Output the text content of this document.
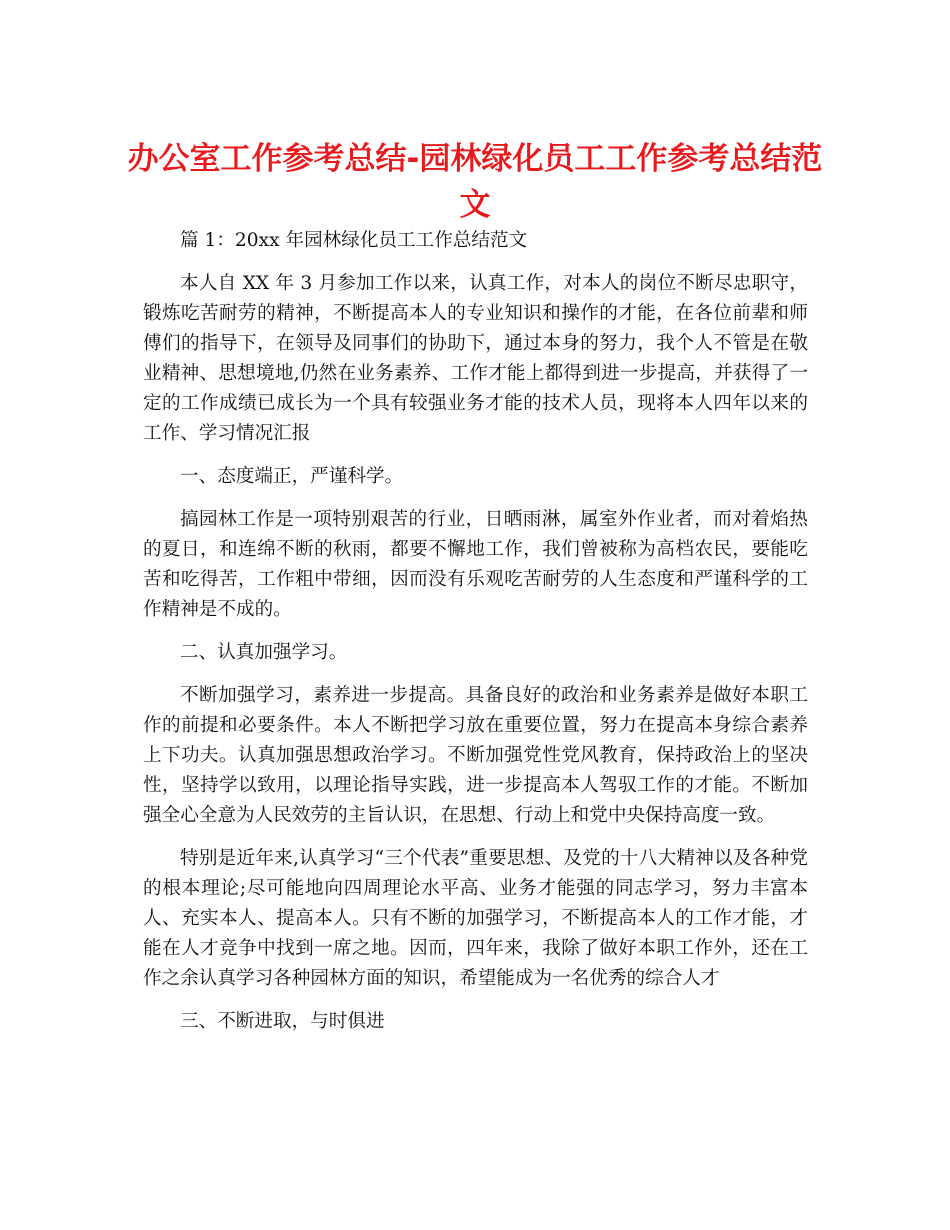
办公室工作参考总结-园林绿化员工工作参考总结范文

篇 1：20xx 年园林绿化员工工作总结范文

本人自 XX 年 3 月参加工作以来，认真工作，对本人的岗位不断尽忠职守，锻炼吃苦耐劳的精神，不断提高本人的专业知识和操作的才能，在各位前辈和师傅们的指导下，在领导及同事们的协助下，通过本身的努力，我个人不管是在敬业精神、思想境地,仍然在业务素养、工作才能上都得到进一步提高，并获得了一定的工作成绩已成长为一个具有较强业务才能的技术人员，现将本人四年以来的工作、学习情况汇报

一、态度端正，严谨科学。

搞园林工作是一项特别艰苦的行业，日晒雨淋，属室外作业者，而对着焰热的夏日，和连绵不断的秋雨，都要不懈地工作，我们曾被称为高档农民，要能吃苦和吃得苦，工作粗中带细，因而没有乐观吃苦耐劳的人生态度和严谨科学的工作精神是不成的。

二、认真加强学习。

不断加强学习，素养进一步提高。具备良好的政治和业务素养是做好本职工作的前提和必要条件。本人不断把学习放在重要位置，努力在提高本身综合素养上下功夫。认真加强思想政治学习。不断加强党性党风教育，保持政治上的坚决性，坚持学以致用，以理论指导实践，进一步提高本人驾驭工作的才能。不断加强全心全意为人民效劳的主旨认识，在思想、行动上和党中央保持高度一致。

特别是近年来,认真学习“三个代表”重要思想、及党的十八大精神以及各种党的根本理论;尽可能地向四周理论水平高、业务才能强的同志学习，努力丰富本人、充实本人、提高本人。只有不断的加强学习，不断提高本人的工作才能，才能在人才竞争中找到一席之地。因而，四年来，我除了做好本职工作外，还在工作之余认真学习各种园林方面的知识，希望能成为一名优秀的综合人才

三、不断进取，与时俱进
